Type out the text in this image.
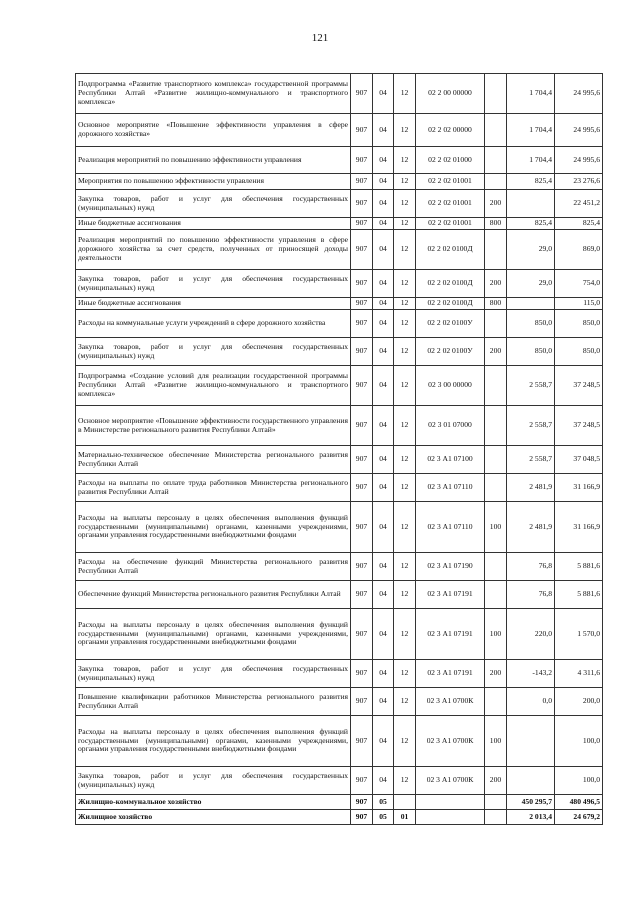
121
Подпрограмма «Развитие транспортного комплекса» государственной программы Республики Алтай «Развитие жилищно-коммунального и транспортного комплекса»	907	04	12	02 2 00 00000		1 704,4	24 995,6
Основное мероприятие «Повышение эффективности управления в сфере дорожного хозяйства»	907	04	12	02 2 02 00000		1 704,4	24 995,6
Реализация мероприятий по повышению эффективности управления	907	04	12	02 2 02 01000		1 704,4	24 995,6
Мероприятия по повышению эффективности управления	907	04	12	02 2 02 01001		825,4	23 276,6
Закупка товаров, работ и услуг для обеспечения государственных (муниципальных) нужд	907	04	12	02 2 02 01001	200		22 451,2
Иные бюджетные ассигнования	907	04	12	02 2 02 01001	800	825,4	825,4
Реализация мероприятий по повышению эффективности управления в сфере дорожного хозяйства за счет средств, полученных от приносящей доходы деятельности	907	04	12	02 2 02 0100Д		29,0	869,0
Закупка товаров, работ и услуг для обеспечения государственных (муниципальных) нужд	907	04	12	02 2 02 0100Д	200	29,0	754,0
Иные бюджетные ассигнования	907	04	12	02 2 02 0100Д	800		115,0
Расходы на коммунальные услуги учреждений в сфере дорожного хозяйства	907	04	12	02 2 02 0100У		850,0	850,0
Закупка товаров, работ и услуг для обеспечения государственных (муниципальных) нужд	907	04	12	02 2 02 0100У	200	850,0	850,0
Подпрограмма «Создание условий для реализации государственной программы Республики Алтай «Развитие жилищно-коммунального и транспортного комплекса»	907	04	12	02 3 00 00000		2 558,7	37 248,5
Основное мероприятие «Повышение эффективности государственного управления в Министерстве регионального развития Республики Алтай»	907	04	12	02 3 01 07000		2 558,7	37 248,5
Материально-техническое обеспечение Министерства регионального развития Республики Алтай	907	04	12	02 3 А1 07100		2 558,7	37 048,5
Расходы на выплаты по оплате труда работников Министерства регионального развития Республики Алтай	907	04	12	02 3 А1 07110		2 481,9	31 166,9
Расходы на выплаты персоналу в целях обеспечения выполнения функций государственными (муниципальными) органами, казенными учреждениями, органами управления государственными внебюджетными фондами	907	04	12	02 3 А1 07110	100	2 481,9	31 166,9
Расходы на обеспечение функций Министерства регионального развития Республики Алтай	907	04	12	02 3 А1 07190		76,8	5 881,6
Обеспечение функций Министерства регионального развития Республики Алтай	907	04	12	02 3 А1 07191		76,8	5 881,6
Расходы на выплаты персоналу в целях обеспечения выполнения функций государственными (муниципальными) органами, казенными учреждениями, органами управления государственными внебюджетными фондами	907	04	12	02 3 А1 07191	100	220,0	1 570,0
Закупка товаров, работ и услуг для обеспечения государственных (муниципальных) нужд	907	04	12	02 3 А1 07191	200	-143,2	4 311,6
Повышение квалификации работников Министерства регионального развития Республики Алтай	907	04	12	02 3 А1 0700К		0,0	200,0
Расходы на выплаты персоналу в целях обеспечения выполнения функций государственными (муниципальными) органами, казенными учреждениями, органами управления государственными внебюджетными фондами	907	04	12	02 3 А1 0700К	100		100,0
Закупка товаров, работ и услуг для обеспечения государственных (муниципальных) нужд	907	04	12	02 3 А1 0700К	200		100,0
Жилищно-коммунальное хозяйство	907	05				450 295,7	480 496,5
Жилищное хозяйство	907	05	01			2 013,4	24 679,2
